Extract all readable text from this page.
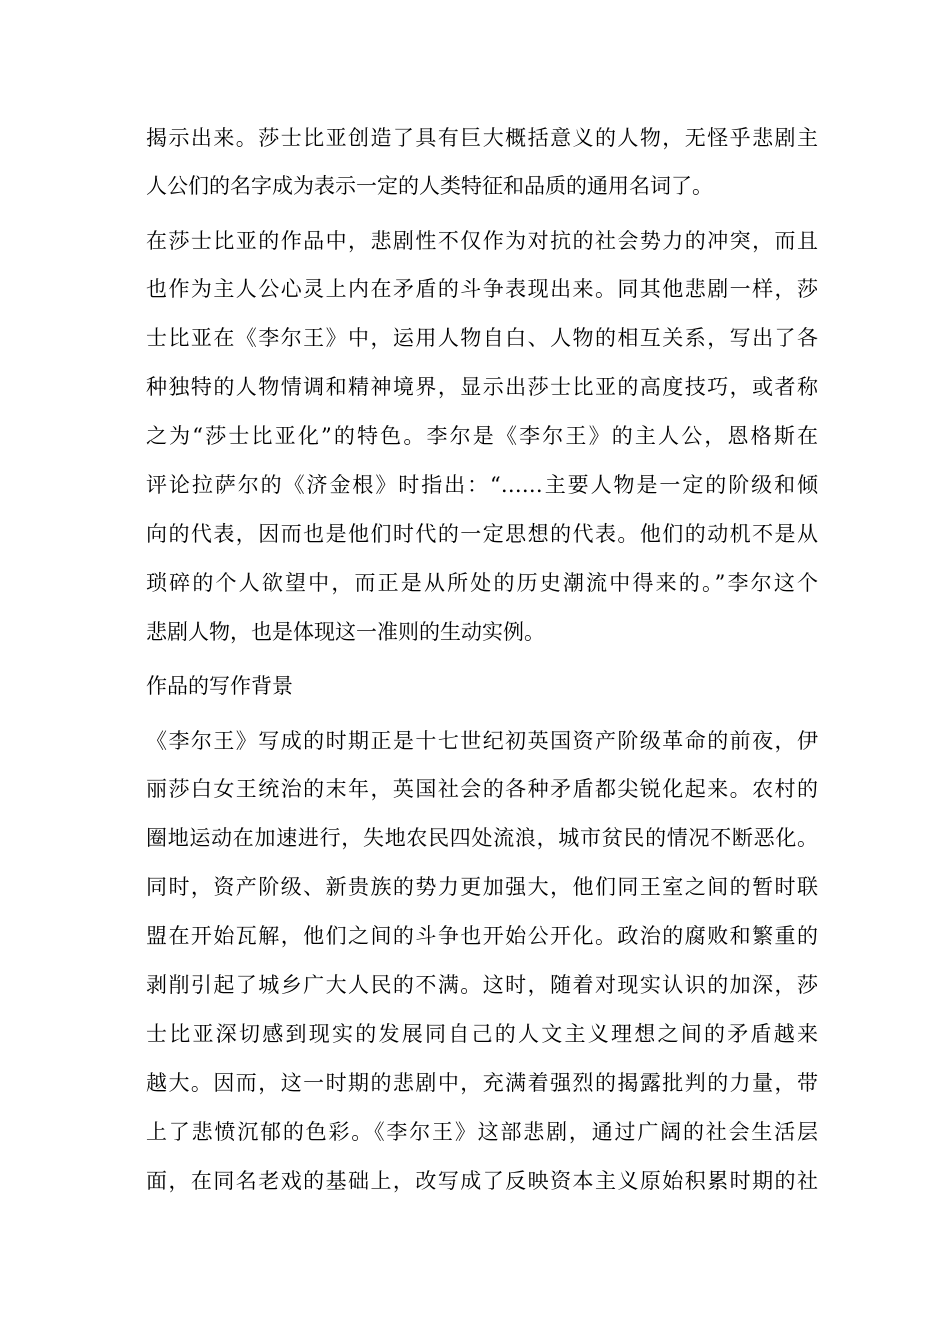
揭示出来。莎士比亚创造了具有巨大概括意义的人物，无怪乎悲剧主
人公们的名字成为表示一定的人类特征和品质的通用名词了。
在莎士比亚的作品中，悲剧性不仅作为对抗的社会势力的冲突，而且
也作为主人公心灵上内在矛盾的斗争表现出来。同其他悲剧一样，莎
士比亚在《李尔王》中，运用人物自白、人物的相互关系，写出了各
种独特的人物情调和精神境界，显示出莎士比亚的高度技巧，或者称
之为“莎士比亚化”的特色。李尔是《李尔王》的主人公，恩格斯在
评论拉萨尔的《济金根》时指出：“……主要人物是一定的阶级和倾
向的代表，因而也是他们时代的一定思想的代表。他们的动机不是从
琐碎的个人欲望中，而正是从所处的历史潮流中得来的。”李尔这个
悲剧人物，也是体现这一准则的生动实例。
作品的写作背景
《李尔王》写成的时期正是十七世纪初英国资产阶级革命的前夜，伊
丽莎白女王统治的末年，英国社会的各种矛盾都尖锐化起来。农村的
圈地运动在加速进行，失地农民四处流浪，城市贫民的情况不断恶化。
同时，资产阶级、新贵族的势力更加强大，他们同王室之间的暂时联
盟在开始瓦解，他们之间的斗争也开始公开化。政治的腐败和繁重的
剥削引起了城乡广大人民的不满。这时，随着对现实认识的加深，莎
士比亚深切感到现实的发展同自己的人文主义理想之间的矛盾越来
越大。因而，这一时期的悲剧中，充满着强烈的揭露批判的力量，带
上了悲愤沉郁的色彩。《李尔王》这部悲剧，通过广阔的社会生活层
面，在同名老戏的基础上，改写成了反映资本主义原始积累时期的社
